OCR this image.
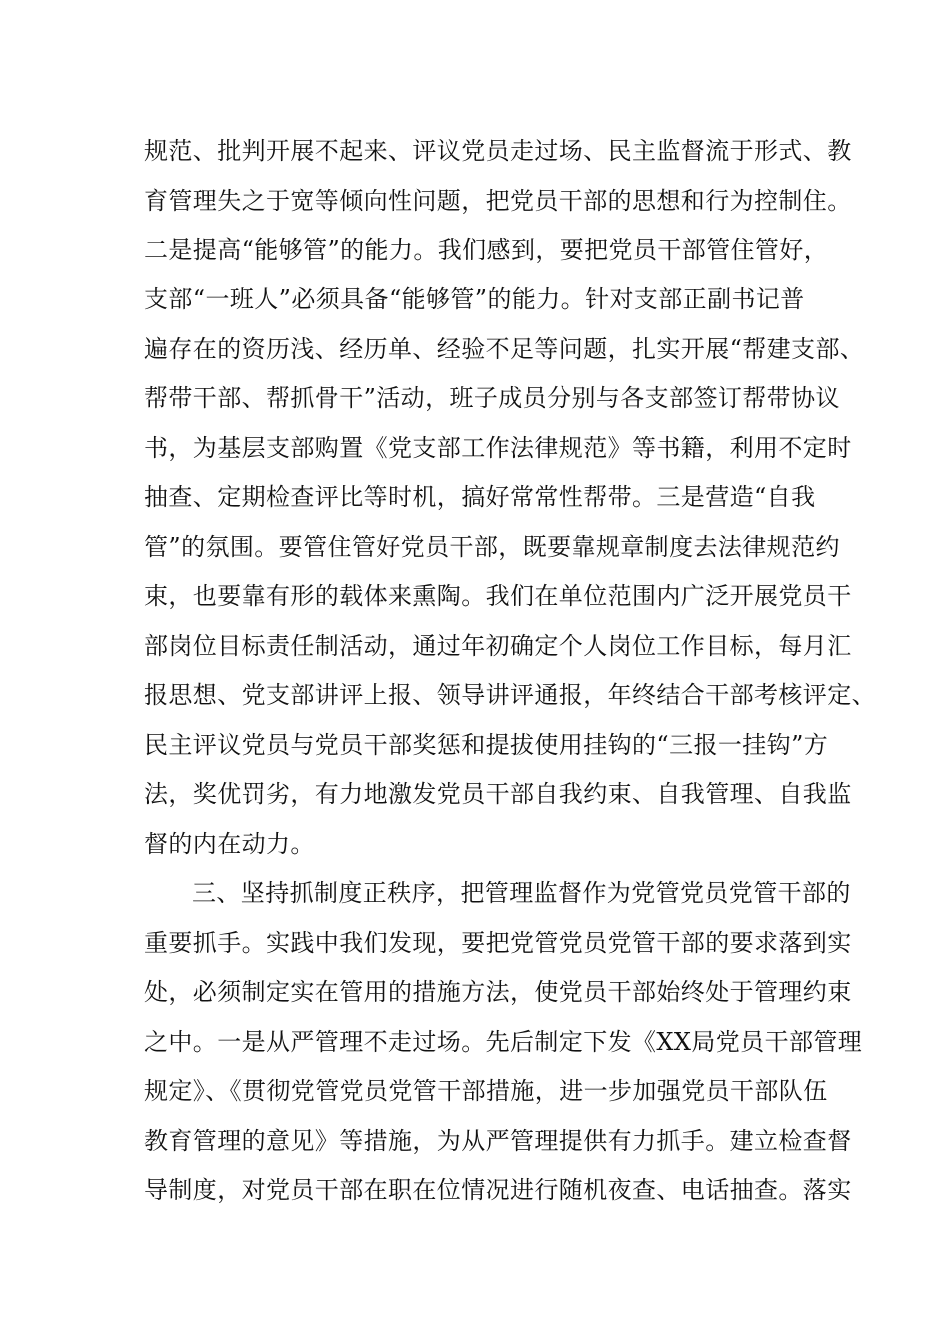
规范、批判开展不起来、评议党员走过场、民主监督流于形式、教
育管理失之于宽等倾向性问题，把党员干部的思想和行为控制住。
二是提高“能够管”的能力。我们感到，要把党员干部管住管好，
支部“一班人”必须具备“能够管”的能力。针对支部正副书记普
遍存在的资历浅、经历单、经验不足等问题，扎实开展“帮建支部、
帮带干部、帮抓骨干”活动，班子成员分别与各支部签订帮带协议
书，为基层支部购置《党支部工作法律规范》等书籍，利用不定时
抽查、定期检查评比等时机，搞好常常性帮带。三是营造“自我
管”的氛围。要管住管好党员干部，既要靠规章制度去法律规范约
束，也要靠有形的载体来熏陶。我们在单位范围内广泛开展党员干
部岗位目标责任制活动，通过年初确定个人岗位工作目标，每月汇
报思想、党支部讲评上报、领导讲评通报，年终结合干部考核评定、
民主评议党员与党员干部奖惩和提拔使用挂钩的“三报一挂钩”方
法，奖优罚劣，有力地激发党员干部自我约束、自我管理、自我监
督的内在动力。
三、坚持抓制度正秩序，把管理监督作为党管党员党管干部的
重要抓手。实践中我们发现，要把党管党员党管干部的要求落到实
处，必须制定实在管用的措施方法，使党员干部始终处于管理约束
之中。一是从严管理不走过场。先后制定下发《XX局党员干部管理
规定》、《贯彻党管党员党管干部措施，进一步加强党员干部队伍
教育管理的意见》等措施，为从严管理提供有力抓手。建立检查督
导制度，对党员干部在职在位情况进行随机夜查、电话抽查。落实
